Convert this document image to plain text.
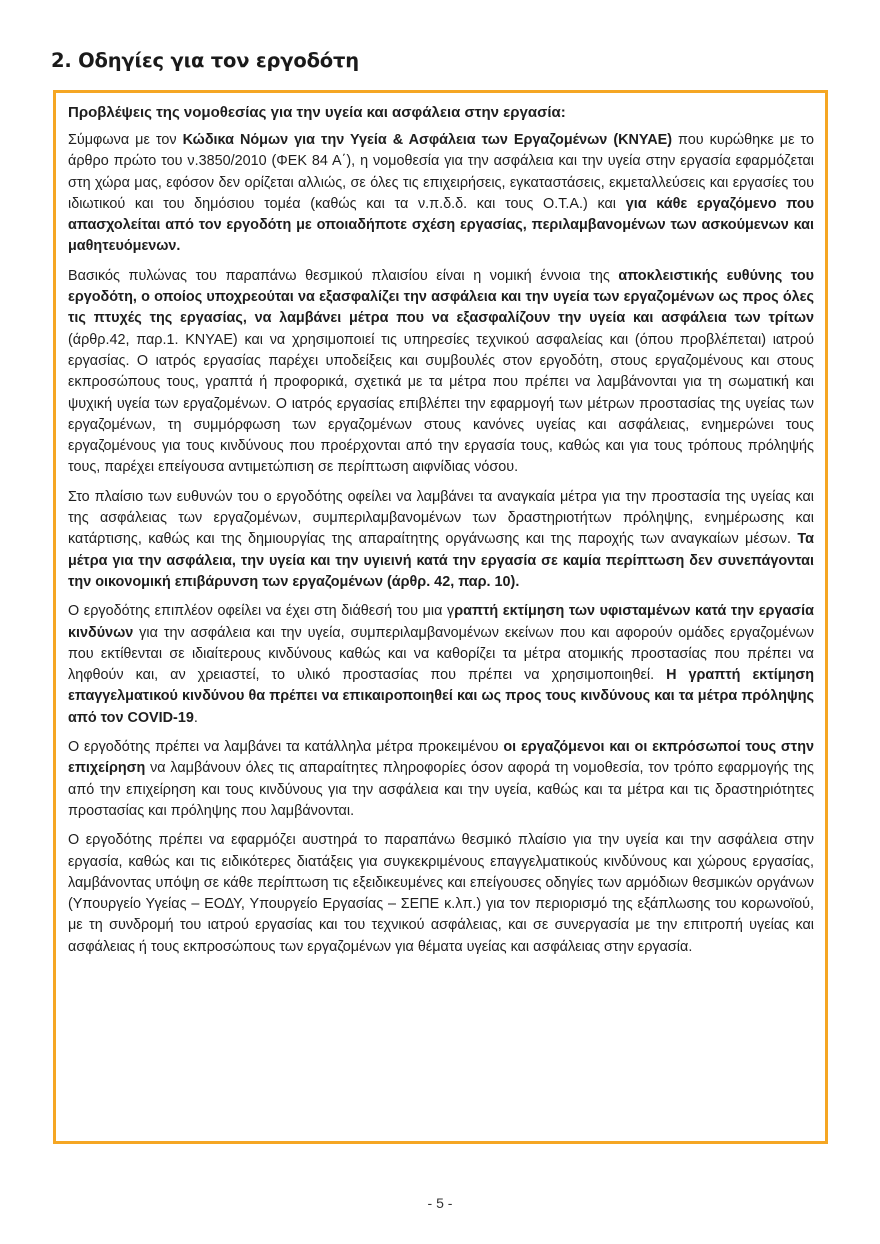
2. Οδηγίες για τον εργοδότη

Προβλέψεις της νομοθεσίας για την υγεία και ασφάλεια στην εργασία:

Σύμφωνα με τον Κώδικα Νόμων για την Υγεία & Ασφάλεια των Εργαζομένων (ΚΝΥΑΕ) που κυρώθηκε με το άρθρο πρώτο του ν.3850/2010 (ΦΕΚ 84 Α΄), η νομοθεσία για την ασφάλεια και την υγεία στην εργασία εφαρμόζεται στη χώρα μας, εφόσον δεν ορίζεται αλλιώς, σε όλες τις επιχειρήσεις, εγκαταστάσεις, εκμεταλλεύσεις και εργασίες του ιδιωτικού και του δημόσιου τομέα (καθώς και τα ν.π.δ.δ. και τους Ο.Τ.Α.) και για κάθε εργαζόμενο που απασχολείται από τον εργοδότη με οποιαδήποτε σχέση εργασίας, περιλαμβανομένων των ασκούμενων και μαθητευόμενων.

Βασικός πυλώνας του παραπάνω θεσμικού πλαισίου είναι η νομική έννοια της αποκλειστικής ευθύνης του εργοδότη, ο οποίος υποχρεούται να εξασφαλίζει την ασφάλεια και την υγεία των εργαζομένων ως προς όλες τις πτυχές της εργασίας, να λαμβάνει μέτρα που να εξασφαλίζουν την υγεία και ασφάλεια των τρίτων (άρθρ.42, παρ.1. ΚΝΥΑΕ) και να χρησιμοποιεί τις υπηρεσίες τεχνικού ασφαλείας και (όπου προβλέπεται) ιατρού εργασίας. Ο ιατρός εργασίας παρέχει υποδείξεις και συμβουλές στον εργοδότη, στους εργαζομένους και στους εκπροσώπους τους, γραπτά ή προφορικά, σχετικά με τα μέτρα που πρέπει να λαμβάνονται για τη σωματική και ψυχική υγεία των εργαζομένων. Ο ιατρός εργασίας επιβλέπει την εφαρμογή των μέτρων προστασίας της υγείας των εργαζομένων, τη συμμόρφωση των εργαζομένων στους κανόνες υγείας και ασφάλειας, ενημερώνει τους εργαζομένους για τους κινδύνους που προέρχονται από την εργασία τους, καθώς και για τους τρόπους πρόληψής τους, παρέχει επείγουσα αντιμετώπιση σε περίπτωση αιφνίδιας νόσου.

Στο πλαίσιο των ευθυνών του ο εργοδότης οφείλει να λαμβάνει τα αναγκαία μέτρα για την προστασία της υγείας και της ασφάλειας των εργαζομένων, συμπεριλαμβανομένων των δραστηριοτήτων πρόληψης, ενημέρωσης και κατάρτισης, καθώς και της δημιουργίας της απαραίτητης οργάνωσης και της παροχής των αναγκαίων μέσων. Τα μέτρα για την ασφάλεια, την υγεία και την υγιεινή κατά την εργασία σε καμία περίπτωση δεν συνεπάγονται την οικονομική επιβάρυνση των εργαζομένων (άρθρ. 42, παρ. 10).

Ο εργοδότης επιπλέον οφείλει να έχει στη διάθεσή του μια γραπτή εκτίμηση των υφισταμένων κατά την εργασία κινδύνων για την ασφάλεια και την υγεία, συμπεριλαμβανομένων εκείνων που και αφορούν ομάδες εργαζομένων που εκτίθενται σε ιδιαίτερους κινδύνους καθώς και να καθορίζει τα μέτρα ατομικής προστασίας που πρέπει να ληφθούν και, αν χρειαστεί, το υλικό προστασίας που πρέπει να χρησιμοποιηθεί. Η γραπτή εκτίμηση επαγγελματικού κινδύνου θα πρέπει να επικαιροποιηθεί και ως προς τους κινδύνους και τα μέτρα πρόληψης από τον COVID-19.

Ο εργοδότης πρέπει να λαμβάνει τα κατάλληλα μέτρα προκειμένου οι εργαζόμενοι και οι εκπρόσωποί τους στην επιχείρηση να λαμβάνουν όλες τις απαραίτητες πληροφορίες όσον αφορά τη νομοθεσία, τον τρόπο εφαρμογής της από την επιχείρηση και τους κινδύνους για την ασφάλεια και την υγεία, καθώς και τα μέτρα και τις δραστηριότητες προστασίας και πρόληψης που λαμβάνονται.

Ο εργοδότης πρέπει να εφαρμόζει αυστηρά το παραπάνω θεσμικό πλαίσιο για την υγεία και την ασφάλεια στην εργασία, καθώς και τις ειδικότερες διατάξεις για συγκεκριμένους επαγγελματικούς κινδύνους και χώρους εργασίας, λαμβάνοντας υπόψη σε κάθε περίπτωση τις εξειδικευμένες και επείγουσες οδηγίες των αρμόδιων θεσμικών οργάνων (Υπουργείο Υγείας – ΕΟΔΥ, Υπουργείο Εργασίας – ΣΕΠΕ κ.λπ.) για τον περιορισμό της εξάπλωσης του κορωνοϊού, με τη συνδρομή του ιατρού εργασίας και του τεχνικού ασφάλειας, και σε συνεργασία με την επιτροπή υγείας και ασφάλειας ή τους εκπροσώπους των εργαζομένων για θέματα υγείας και ασφάλειας στην εργασία.

- 5 -
